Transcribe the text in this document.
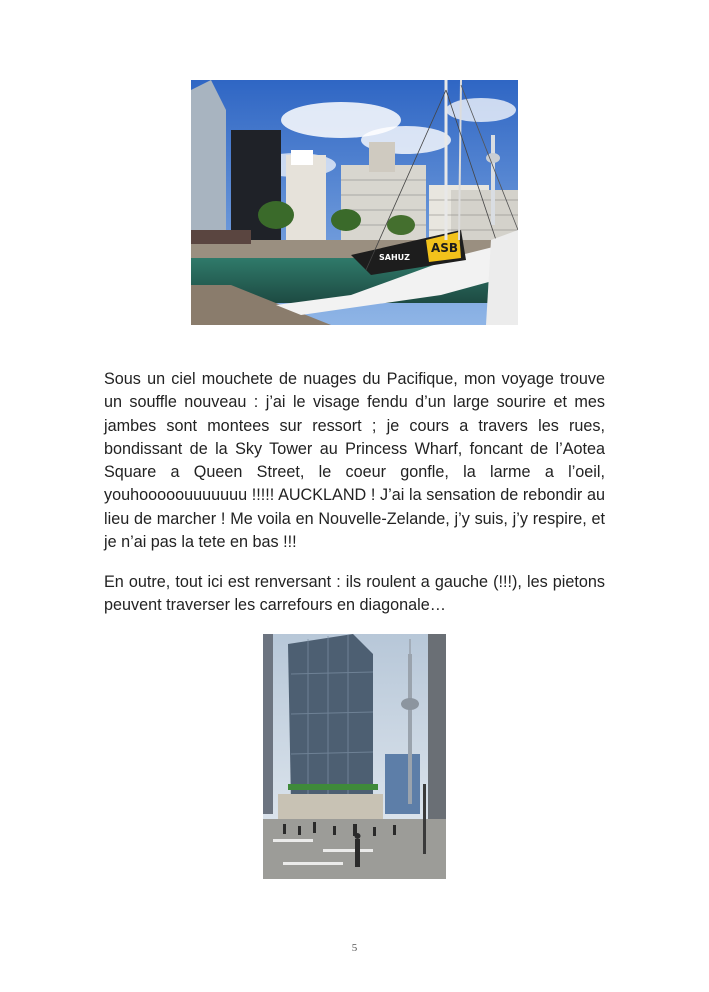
ASB
SAHUZ

Sous un ciel mouchete de nuages du Pacifique, mon voyage trouve un souffle nouveau : j’ai le visage fendu d’un large sourire et mes jambes sont montees sur ressort ; je cours a travers les rues, bondissant de la Sky Tower au Princess Wharf, foncant de l’Aotea Square a Queen Street, le coeur gonfle, la larme a l’oeil, youhooooouuuuuuu !!!!! AUCKLAND ! J’ai la sensation de rebondir au lieu de marcher ! Me voila en Nouvelle-Zelande, j’y suis, j’y respire, et je n’ai pas la tete en bas !!!

En outre, tout ici est renversant : ils roulent a gauche (!!!), les pietons peuvent traverser les carrefours en diagonale…

5
